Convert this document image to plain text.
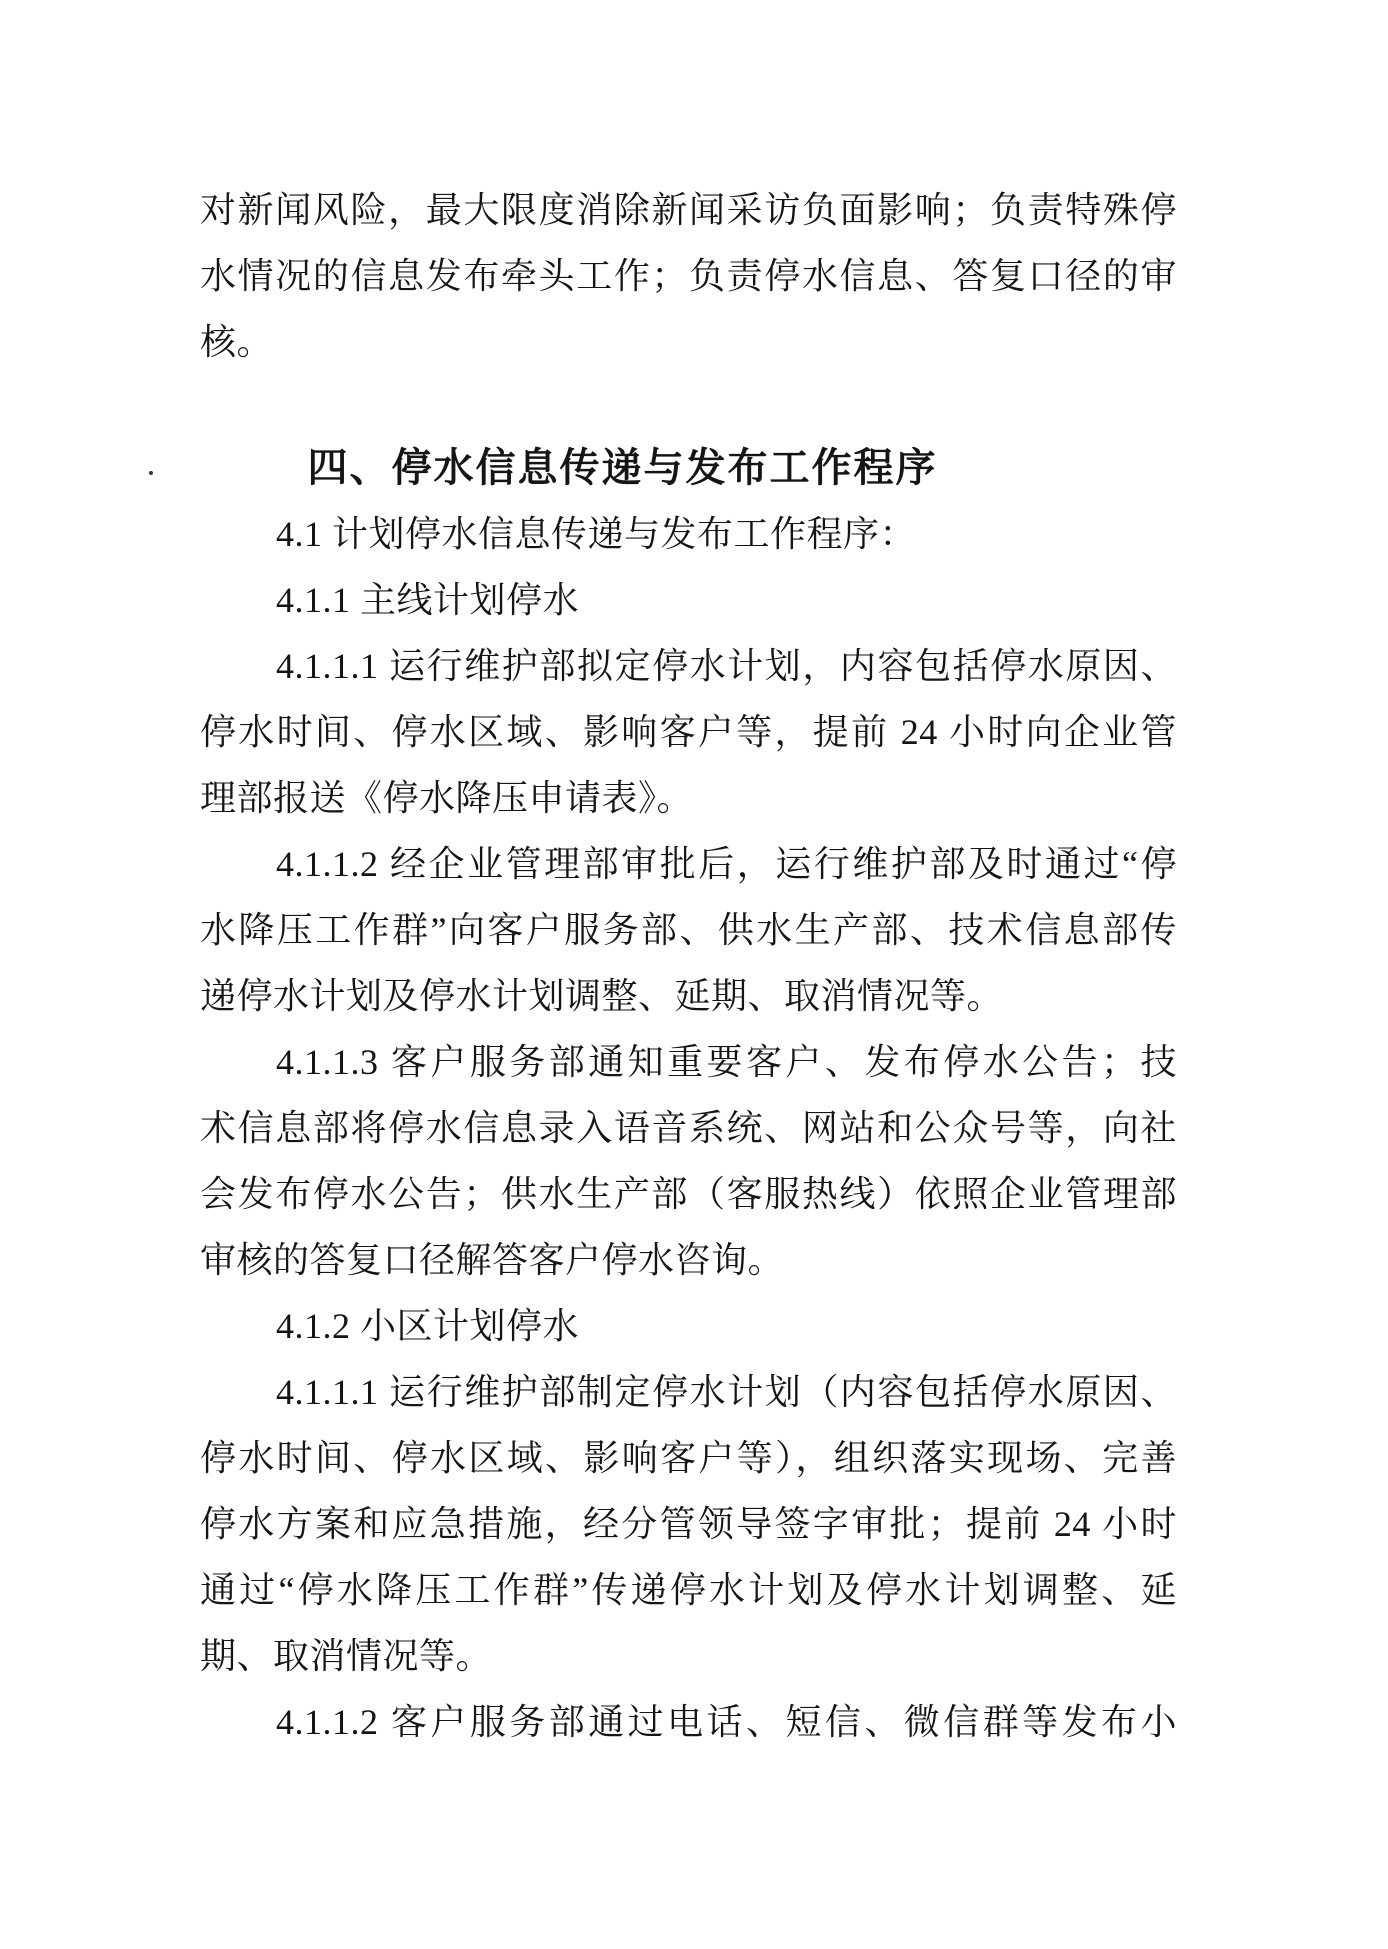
对新闻风险，最大限度消除新闻采访负面影响；负责特殊停
水情况的信息发布牵头工作；负责停水信息、答复口径的审
核。
四、停水信息传递与发布工作程序
4.1 计划停水信息传递与发布工作程序：
4.1.1 主线计划停水
4.1.1.1 运行维护部拟定停水计划，内容包括停水原因、
停水时间、停水区域、影响客户等，提前 24 小时向企业管
理部报送《停水降压申请表》。
4.1.1.2 经企业管理部审批后，运行维护部及时通过“停
水降压工作群”向客户服务部、供水生产部、技术信息部传
递停水计划及停水计划调整、延期、取消情况等。
4.1.1.3 客户服务部通知重要客户、发布停水公告；技
术信息部将停水信息录入语音系统、网站和公众号等，向社
会发布停水公告；供水生产部（客服热线）依照企业管理部
审核的答复口径解答客户停水咨询。
4.1.2 小区计划停水
4.1.1.1 运行维护部制定停水计划（内容包括停水原因、
停水时间、停水区域、影响客户等），组织落实现场、完善
停水方案和应急措施，经分管领导签字审批；提前 24 小时
通过“停水降压工作群”传递停水计划及停水计划调整、延
期、取消情况等。
4.1.1.2 客户服务部通过电话、短信、微信群等发布小
